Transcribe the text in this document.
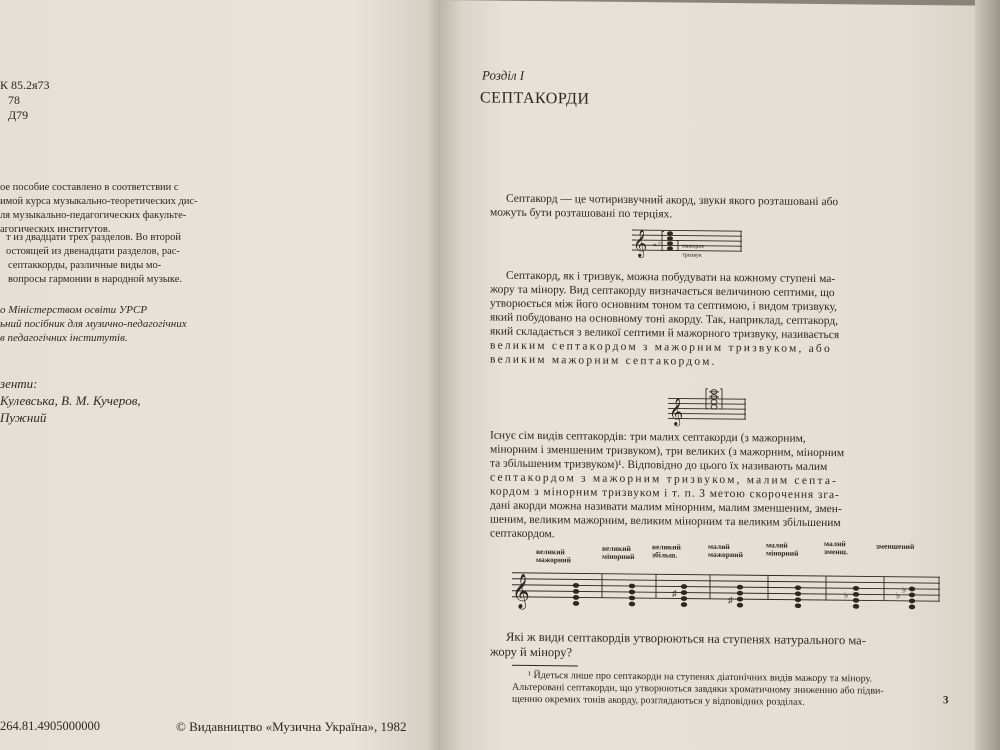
К 85.2я73
78
Д79
ое пособие составлено в соответствии с
имой курса музыкально-теоретических дис-
ля музыкально-педагогических факульте-
агогических институтов.
т из двадцати трех разделов. Во второй
остоящей из двенадцати разделов, рас-
септаккорды, различные виды мо-
вопросы гармонии в народной музыке.
о Міністерством освіти УРСР
ьний посібник для музично-педагогічних
в педагогічних інститутів.
зенти:
Кулевська, В. М. Кучеров,
Пужний
264.81.4905000000	© Видавництво «Музична Україна», 1982
Розділ I
СЕПТАКОРДИ
Септакорд — це чотиризвучний акорд, звуки якого розташовані або
можуть бути розташовані по терціях.
𝄞 м.7	мажорне
тризвук
Септакорд, як і тризвук, можна побудувати на кожному ступені ма-
жору та мінору. Вид септакорду визначається величиною септими, що
утворюється між його основним тоном та септимою, і видом тризвуку,
який побудовано на основному тоні акорду. Так, наприклад, септакорд,
який складається з великої септими й мажорного тризвуку, називається
великим септакордом з мажорним тризвуком, або
великим мажорним септакордом.
𝄞
Існує сім видів септакордів: три малих септакорди (з мажорним,
мінорним і зменшеним тризвуком), три великих (з мажорним, мінорним
та збільшеним тризвуком)¹. Відповідно до цього їх називають малим
септакордом з мажорним тризвуком, малим септа-
кордом з мінорним тризвуком і т. п. З метою скорочення зга-
дані акорди можна називати малим мінорним, малим зменшеним, змен-
шеним, великим мажорним, великим мінорним та великим збільшеним
септакордом.
великий
мажорний
великий
мінорний
великий
збільш.
малий
мажорний
малий
мінорний
малий
зменш.
зменшений
𝄞	♯
♯	♭	♭
♭
Які ж види септакордів утворюються на ступенях натурального ма-
жору й мінору?
¹ Йдеться лише про септакорди на ступенях діатонічних видів мажору та мінору.
Альтеровані септакорди, що утворюються завдяки хроматичному зниженню або підви-
щенню окремих тонів акорду, розглядаються у відповідних розділах.	3
